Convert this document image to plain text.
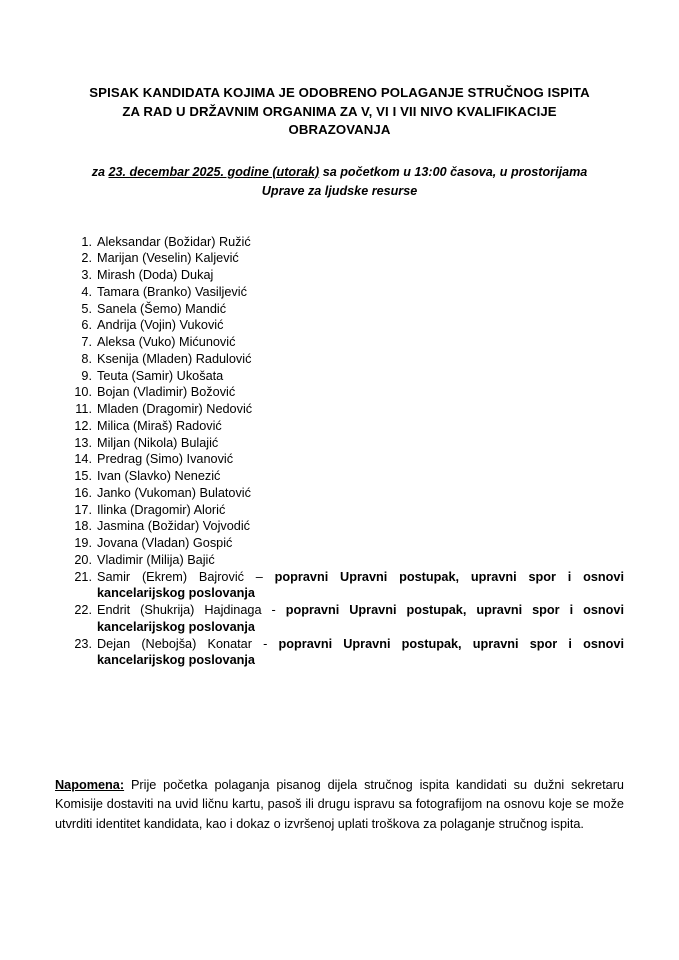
SPISAK KANDIDATA KOJIMA JE ODOBRENO POLAGANJE STRUČNOG ISPITA
ZA RAD U DRŽAVNIM ORGANIMA ZA V, VI I VII NIVO KVALIFIKACIJE
OBRAZOVANJA
za 23. decembar 2025. godine (utorak) sa početkom u 13:00 časova, u prostorijama Uprave za ljudske resurse
1. Aleksandar (Božidar) Ružić
2. Marijan (Veselin) Kaljević
3. Mirash (Doda) Dukaj
4. Tamara (Branko) Vasiljević
5. Sanela (Šemo) Mandić
6. Andrija (Vojin) Vuković
7. Aleksa (Vuko) Mićunović
8. Ksenija (Mladen) Radulović
9. Teuta (Samir) Ukošata
10. Bojan (Vladimir) Božović
11. Mladen (Dragomir) Nedović
12. Milica (Miraš) Radović
13. Miljan (Nikola) Bulajić
14. Predrag (Simo) Ivanović
15. Ivan (Slavko) Nenezić
16. Janko (Vukoman) Bulatović
17. Ilinka (Dragomir) Alorić
18. Jasmina (Božidar) Vojvodić
19. Jovana (Vladan) Gospić
20. Vladimir (Milija) Bajić
21. Samir (Ekrem) Bajrović – popravni Upravni postupak, upravni spor i osnovi kancelarijskog poslovanja
22. Endrit (Shukrija) Hajdinaga - popravni Upravni postupak, upravni spor i osnovi kancelarijskog poslovanja
23. Dejan (Nebojša) Konatar - popravni Upravni postupak, upravni spor i osnovi kancelarijskog poslovanja
Napomena: Prije početka polaganja pisanog dijela stručnog ispita kandidati su dužni sekretaru Komisije dostaviti na uvid ličnu kartu, pasoš ili drugu ispravu sa fotografijom na osnovu koje se može utvrditi identitet kandidata, kao i dokaz o izvršenoj uplati troškova za polaganje stručnog ispita.
